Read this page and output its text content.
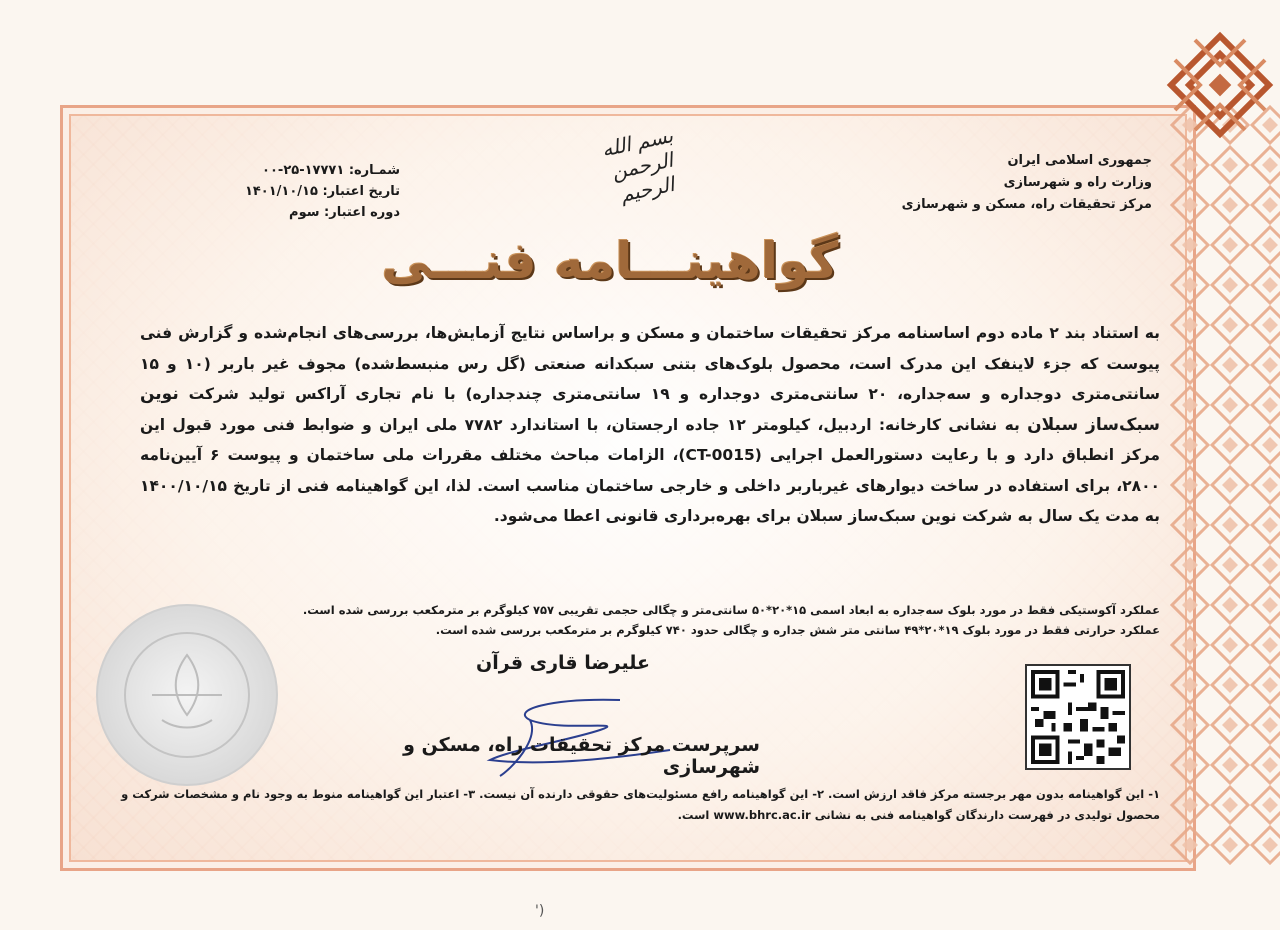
بسم الله الرحمن الرحیم
جمهوری اسلامی ایران
وزارت راه و شهرسازی
مرکز تحقیقات راه، مسکن و شهرسازی
شمـاره: ۱۷۷۷۱-۲۵-۰۰
تاریخ اعتبار: ۱۴۰۱/۱۰/۱۵
دوره اعتبار: سوم
گواهینـــامه فنـــی
به استناد بند ۲ ماده دوم اساسنامه مرکز تحقیقات ساختمان و مسکن و براساس نتایج آزمایش‌ها، بررسی‌های انجام‌شده و گزارش فنی پیوست که جزء لاینفک این مدرک است، محصول بلوک‌های بتنی سبکدانه صنعتی (گل رس منبسط‌شده) مجوف غیر باربر (۱۰ و ۱۵ سانتی‌متری دوجداره و سه‌جداره، ۲۰ سانتی‌متری دوجداره و ۱۹ سانتی‌متری چندجداره) با نام تجاری آراکس تولید شرکت نوین سبک‌ساز سبلان به نشانی کارخانه: اردبیل، کیلومتر ۱۲ جاده ارجستان، با استاندارد ۷۷۸۲ ملی ایران و ضوابط فنی مورد قبول این مرکز انطباق دارد و با رعایت دستورالعمل اجرایی (CT-0015)، الزامات مباحث مختلف مقررات ملی ساختمان و پیوست ۶ آیین‌نامه ۲۸۰۰، برای استفاده در ساخت دیوارهای غیرباربر داخلی و خارجی ساختمان مناسب است. لذا، این گواهینامه فنی از تاریخ ۱۴۰۰/۱۰/۱۵ به مدت یک سال به شرکت نوین سبک‌ساز سبلان برای بهره‌برداری قانونی اعطا می‌شود.
عملکرد آکوستیکی فقط در مورد بلوک سه‌جداره به ابعاد اسمی ۱۵*۲۰*۵۰ سانتی‌متر و چگالی حجمی تقریبی ۷۵۷ کیلوگرم بر مترمکعب بررسی شده است.
عملکرد حرارتی فقط در مورد بلوک ۱۹*۲۰*۴۹ سانتی متر شش جداره و چگالی حدود ۷۴۰ کیلوگرم بر مترمکعب بررسی شده است.
علیرضا قاری قرآن
سرپرست مرکز تحقیقات راه، مسکن و شهرسازی
۱- این گواهینامه بدون مهر برجسته مرکز فاقد ارزش است. ۲- این گواهینامه رافع مسئولیت‌های حقوقی دارنده آن نیست. ۳- اعتبار این گواهینامه منوط به وجود نام و مشخصات شرکت و
محصول تولیدی در فهرست دارندگان گواهینامه فنی به نشانی www.bhrc.ac.ir است.
')
